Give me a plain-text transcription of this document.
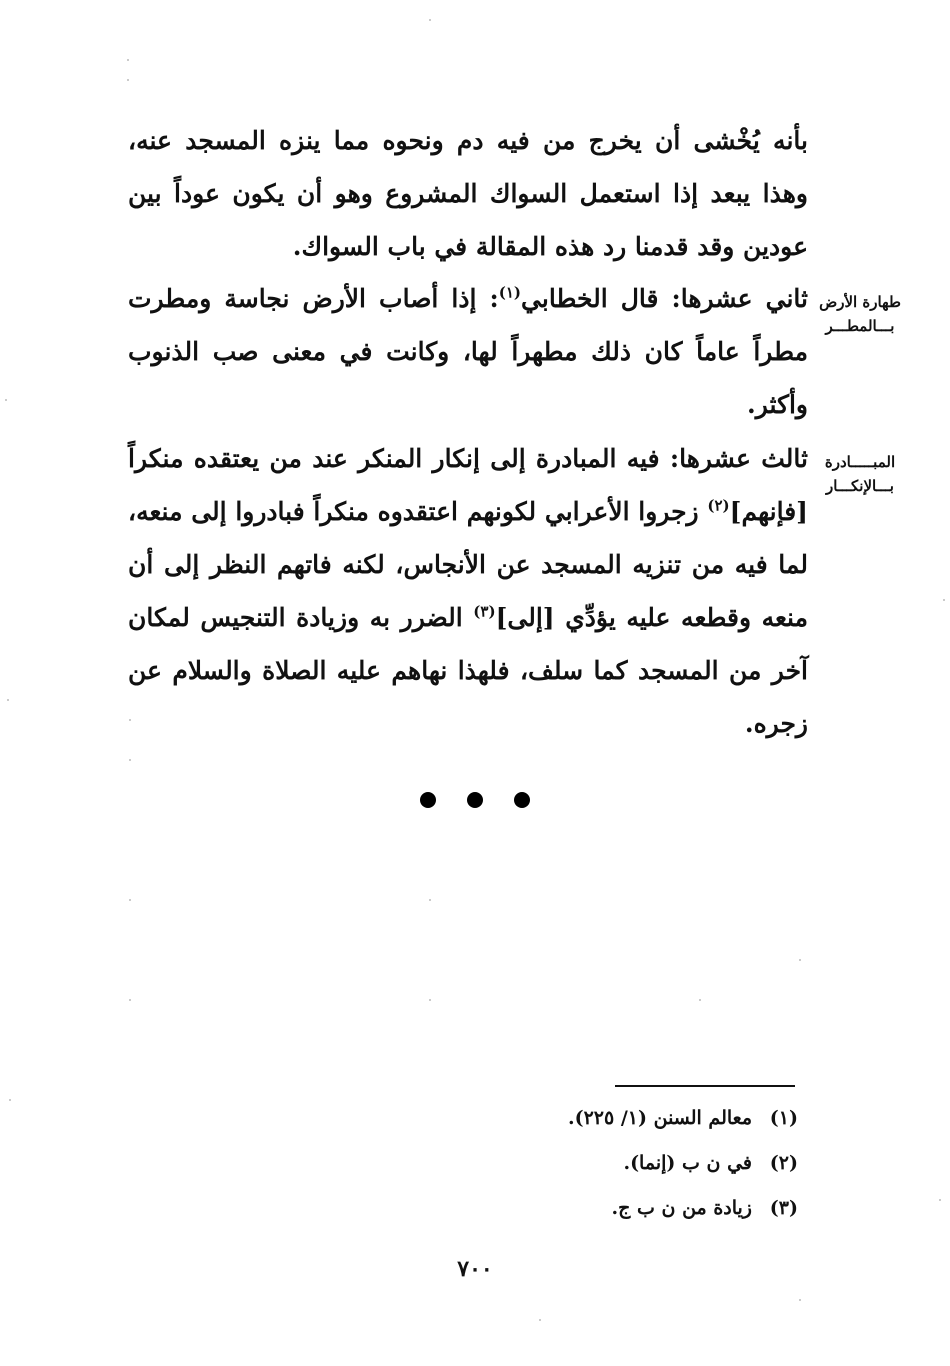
بأنه يُخْشى أن يخرج من فيه دم ونحوه مما ينزه المسجد عنه، وهذا يبعد إذا استعمل السواك المشروع وهو أن يكون عوداً بين عودين وقد قدمنا رد هذه المقالة في باب السواك.
ثاني عشرها: قال الخطابي$^{(١)}$: إذا أصاب الأرض نجاسة ومطرت مطراً عاماً كان ذلك مطهراً لها، وكانت في معنى صب الذنوب وأكثر.
ثالث عشرها: فيه المبادرة إلى إنكار المنكر عند من يعتقده منكراً [فإنهم]$^{(٢)}$ زجروا الأعرابي لكونهم اعتقدوه منكراً فبادروا إلى منعه، لما فيه من تنزيه المسجد عن الأنجاس، لكنه فاتهم النظر إلى أن منعه وقطعه عليه يؤدِّي [إلى]$^{(٣)}$ الضرر به وزيادة التنجيس لمكان آخر من المسجد كما سلف، فلهذا نهاهم عليه الصلاة والسلام عن زجره.
طهارة الأرض
بـــالمطـــر
المبـــــادرة
بـــالإنكـــار
(١)
معالم السنن (١/ ٢٢٥).
(٢)
في ن ب (إنما).
(٣)
زيادة من ن ب ج.
٧٠٠
